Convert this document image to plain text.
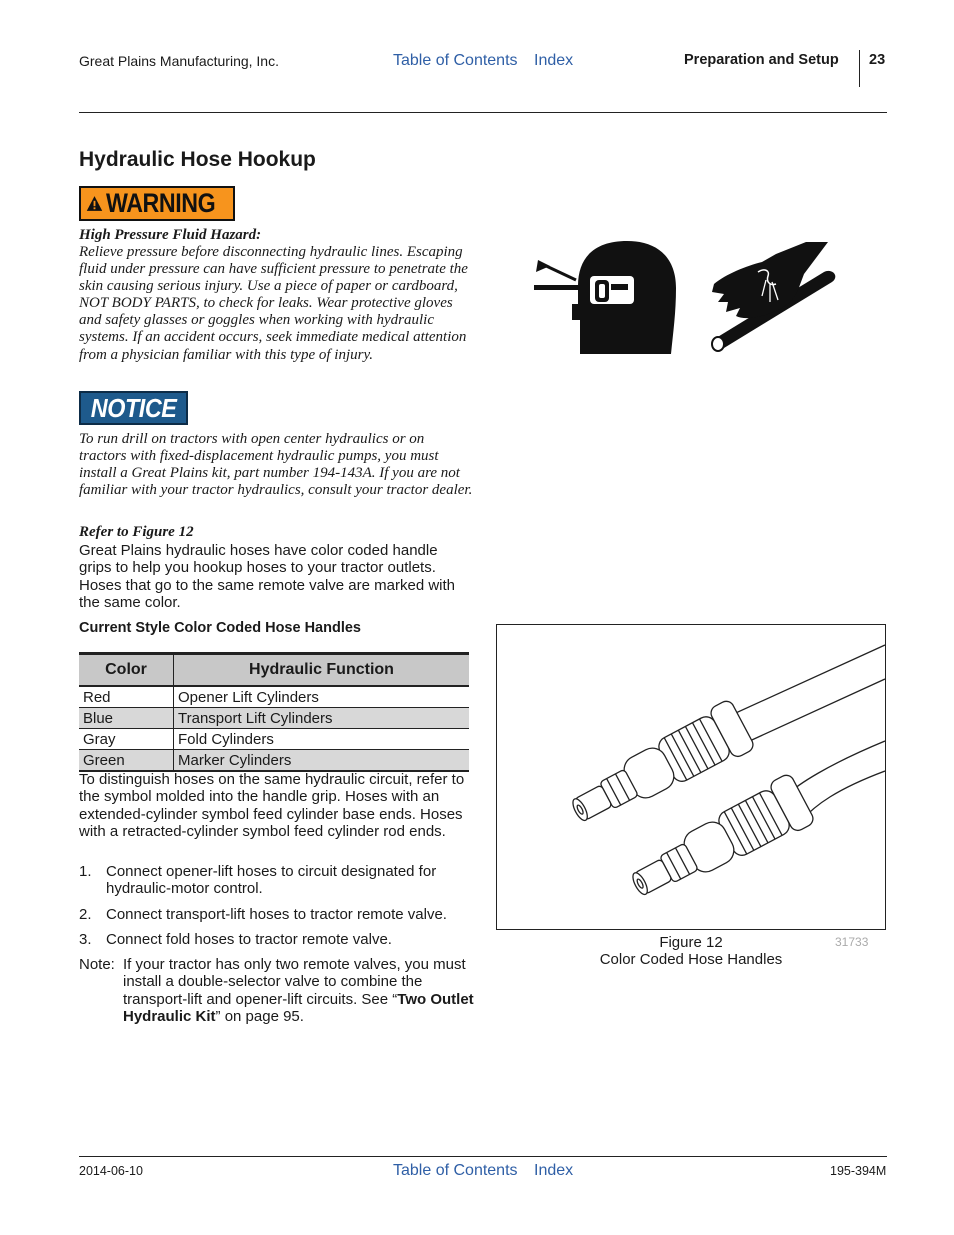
Great Plains Manufacturing, Inc.	Table of Contents Index	Preparation and Setup 23
Hydraulic Hose Hookup
WARNING
High Pressure Fluid Hazard:
Relieve pressure before disconnecting hydraulic lines. Escaping fluid under pressure can have sufficient pressure to penetrate the skin causing serious injury. Use a piece of paper or cardboard, NOT BODY PARTS, to check for leaks. Wear protective gloves and safety glasses or goggles when working with hydraulic systems. If an accident occurs, seek immediate medical attention from a physician familiar with this type of injury.
NOTICE
To run drill on tractors with open center hydraulics or on tractors with fixed-displacement hydraulic pumps, you must install a Great Plains kit, part number 194-143A. If you are not familiar with your tractor hydraulics, consult your tractor dealer.
Refer to Figure 12
Great Plains hydraulic hoses have color coded handle grips to help you hookup hoses to your tractor outlets. Hoses that go to the same remote valve are marked with the same color.
Current Style Color Coded Hose Handles
Color	Hydraulic Function
Red	Opener Lift Cylinders
Blue	Transport Lift Cylinders
Gray	Fold Cylinders
Green	Marker Cylinders
To distinguish hoses on the same hydraulic circuit, refer to the symbol molded into the handle grip. Hoses with an extended-cylinder symbol feed cylinder base ends. Hoses with a retracted-cylinder symbol feed cylinder rod ends.
1. Connect opener-lift hoses to circuit designated for hydraulic-motor control.
2. Connect transport-lift hoses to tractor remote valve.
3. Connect fold hoses to tractor remote valve.
Note: If your tractor has only two remote valves, you must install a double-selector valve to combine the transport-lift and opener-lift circuits. See “Two Outlet Hydraulic Kit” on page 95.
Figure 12
Color Coded Hose Handles
31733
2014-06-10	Table of Contents Index	195-394M
